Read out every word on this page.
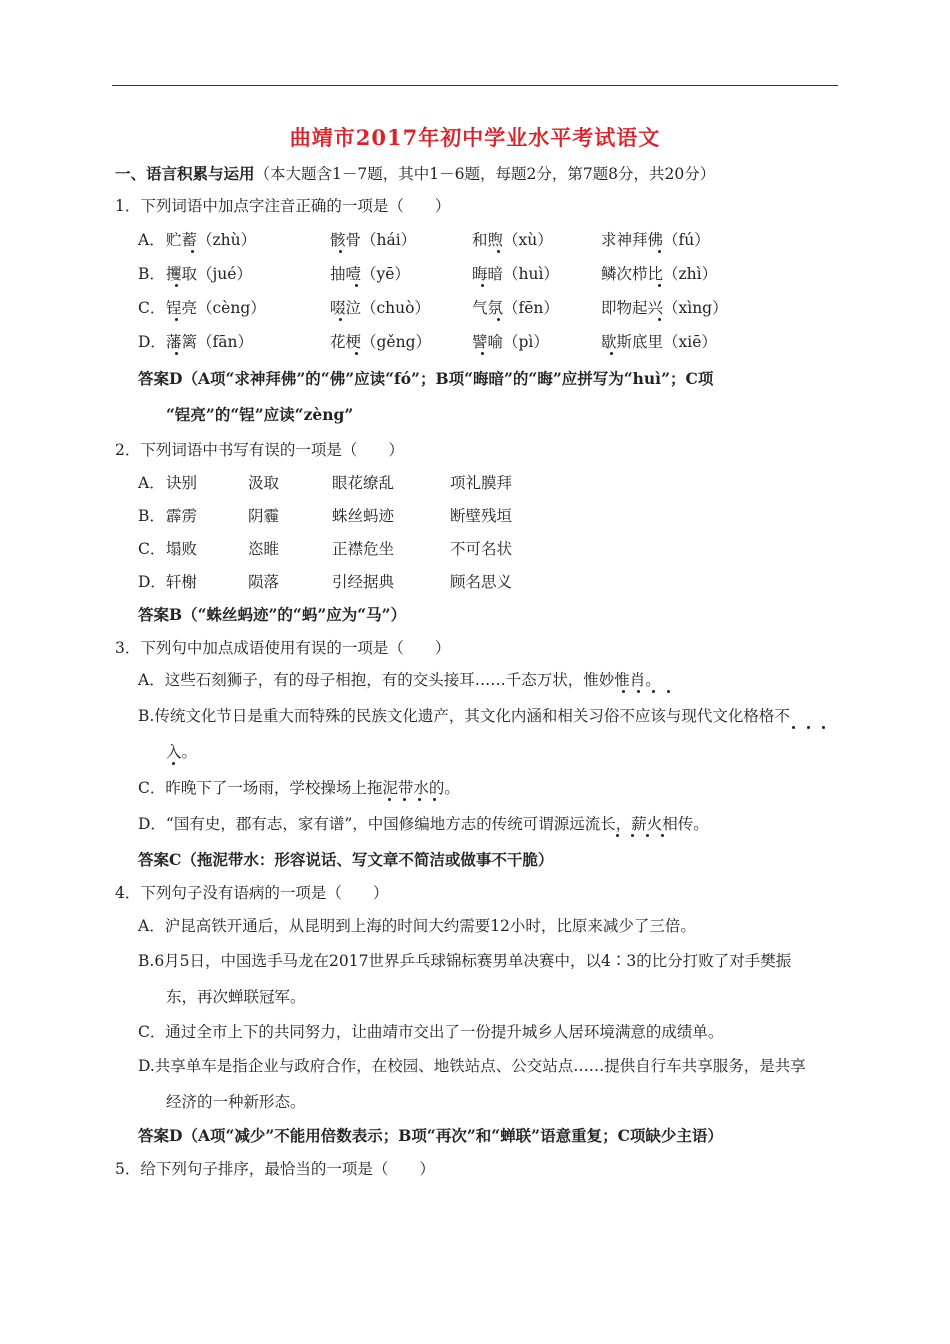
曲靖市2017年初中学业水平考试语文
一、语言积累与运用（本大题含1－7题，其中1－6题，每题2分，第7题8分，共20分）
1．下列词语中加点字注音正确的一项是（　　）
A． 贮蓄（zhù）	骸骨（hái）	和煦（xù）	求神拜佛（fú）
B． 攫取（jué）	抽噎（yē）	晦暗（huì）	鳞次栉比（zhì）
C． 锃亮（cèng）	啜泣（chuò）	气氛（fēn）	即物起兴（xìng）
D． 藩篱（fān）	花梗（gěng）	譬喻（pì）	歇斯底里（xiē）
答案D（A项“求神拜佛”的“佛”应读“fó”；B项“晦暗”的“晦”应拼写为“huì”；C项
“锃亮”的“锃”应读“zèng”
2．下列词语中书写有误的一项是（　　）
A． 诀别	汲取	眼花缭乱	项礼膜拜
B． 霹雳	阴霾	蛛丝蚂迹	断壁残垣
C． 塌败	恣睢	正襟危坐	不可名状
D． 轩榭	陨落	引经据典	顾名思义
答案B（“蛛丝蚂迹”的“蚂”应为“马”）
3．下列句中加点成语使用有误的一项是（　　）
A．这些石刻狮子，有的母子相抱，有的交头接耳……千态万状，惟妙惟肖。
B.传统文化节日是重大而特殊的民族文化遗产，其文化内涵和相关习俗不应该与现代文化格格不
入。
C．昨晚下了一场雨，学校操场上拖泥带水的。
D．“国有史，郡有志，家有谱”，中国修编地方志的传统可谓源远流长，薪火相传。
答案C（拖泥带水：形容说话、写文章不简洁或做事不干脆）
4．下列句子没有语病的一项是（　　）
A．沪昆高铁开通后，从昆明到上海的时间大约需要12小时，比原来减少了三倍。
B.6月5日，中国选手马龙在2017世界乒乓球锦标赛男单决赛中，以4∶3的比分打败了对手樊振
东，再次蝉联冠军。
C．通过全市上下的共同努力，让曲靖市交出了一份提升城乡人居环境满意的成绩单。
D.共享单车是指企业与政府合作，在校园、地铁站点、公交站点……提供自行车共享服务，是共享
经济的一种新形态。
答案D（A项“减少”不能用倍数表示；B项“再次”和“蝉联”语意重复；C项缺少主语）
5．给下列句子排序，最恰当的一项是（　　）
